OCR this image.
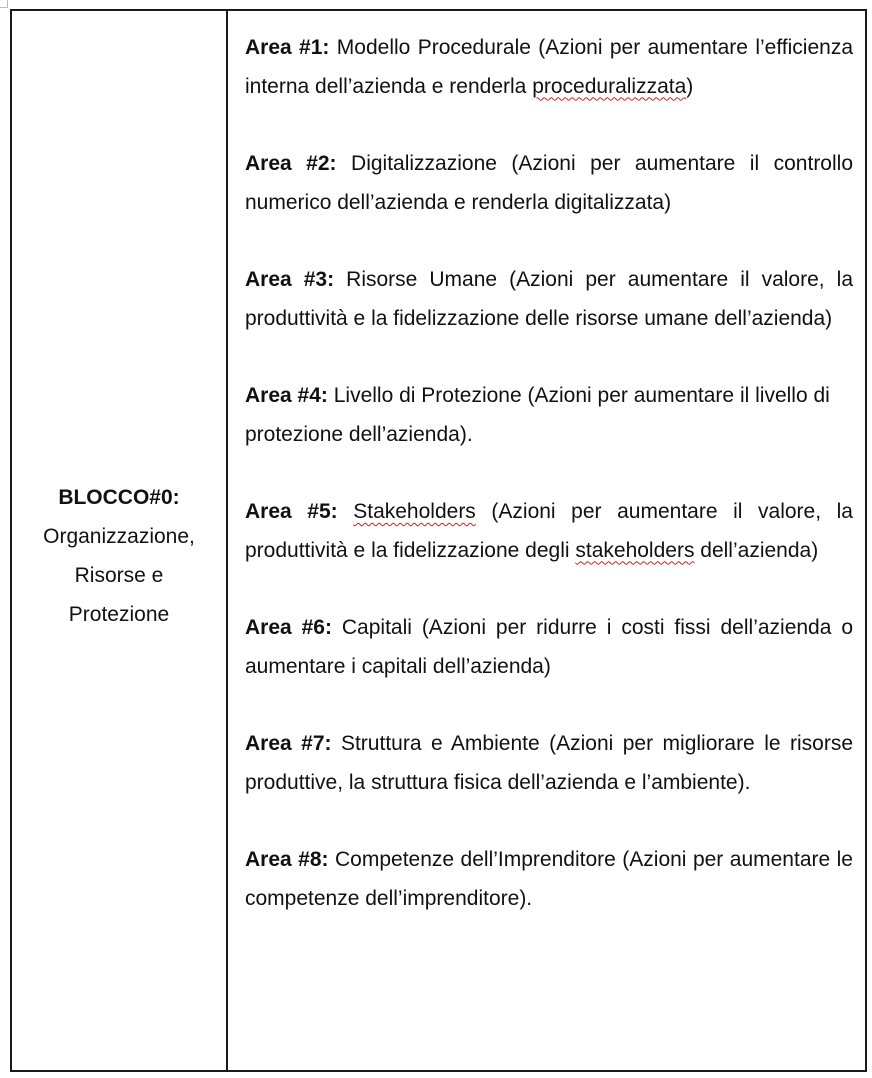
BLOCCO#0:
Organizzazione,
Risorse e
Protezione

Area #1: Modello Procedurale (Azioni per aumentare l’efficienza interna dell’azienda e renderla proceduralizzata)

Area #2: Digitalizzazione (Azioni per aumentare il controllo numerico dell’azienda e renderla digitalizzata)

Area #3: Risorse Umane (Azioni per aumentare il valore, la produttività e la fidelizzazione delle risorse umane dell’azienda)

Area #4: Livello di Protezione (Azioni per aumentare il livello di protezione dell’azienda).

Area #5: Stakeholders (Azioni per aumentare il valore, la produttività e la fidelizzazione degli stakeholders dell’azienda)

Area #6: Capitali (Azioni per ridurre i costi fissi dell’azienda o aumentare i capitali dell’azienda)

Area #7: Struttura e Ambiente (Azioni per migliorare le risorse produttive, la struttura fisica dell’azienda e l’ambiente).

Area #8: Competenze dell’Imprenditore (Azioni per aumentare le competenze dell’imprenditore).
